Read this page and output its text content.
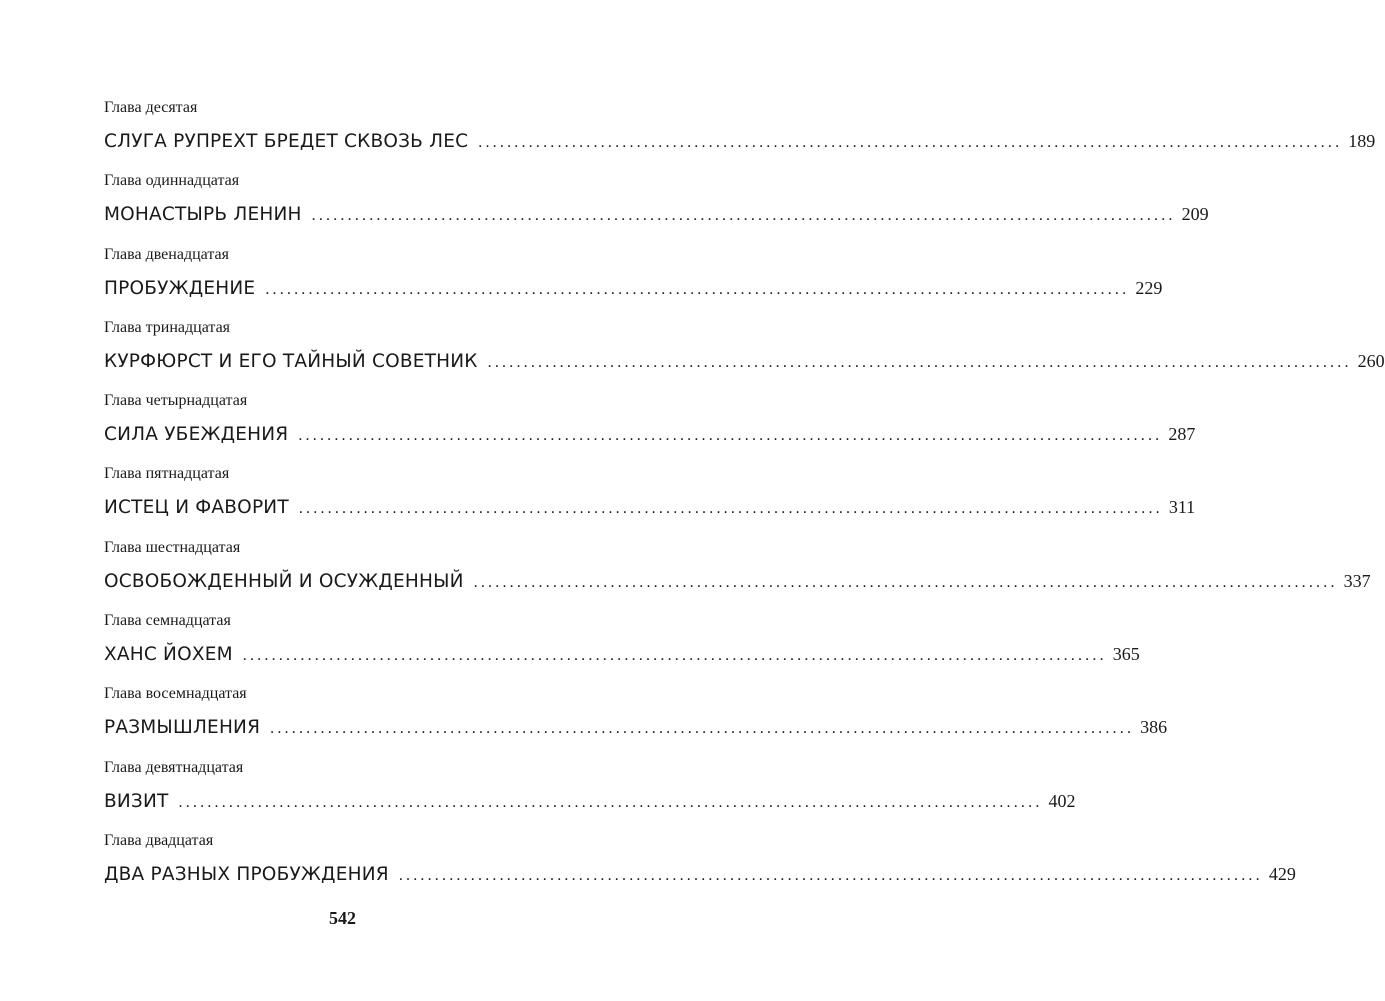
Глава десятая
СЛУГА РУПРЕХТ БРЕДЕТ СКВОЗЬ ЛЕС ........................................................................................................................ 189
Глава одиннадцатая
МОНАСТЫРЬ ЛЕНИН ........................................................................................................................ 209
Глава двенадцатая
ПРОБУЖДЕНИЕ ........................................................................................................................ 229
Глава тринадцатая
КУРФЮРСТ И ЕГО ТАЙНЫЙ СОВЕТНИК ........................................................................................................................ 260
Глава четырнадцатая
СИЛА УБЕЖДЕНИЯ ........................................................................................................................ 287
Глава пятнадцатая
ИСТЕЦ И ФАВОРИТ ........................................................................................................................ 311
Глава шестнадцатая
ОСВОБОЖДЕННЫЙ И ОСУЖДЕННЫЙ ........................................................................................................................ 337
Глава семнадцатая
ХАНС ЙОХЕМ ........................................................................................................................ 365
Глава восемнадцатая
РАЗМЫШЛЕНИЯ ........................................................................................................................ 386
Глава девятнадцатая
ВИЗИТ ........................................................................................................................ 402
Глава двадцатая
ДВА РАЗНЫХ ПРОБУЖДЕНИЯ ........................................................................................................................ 429
542
